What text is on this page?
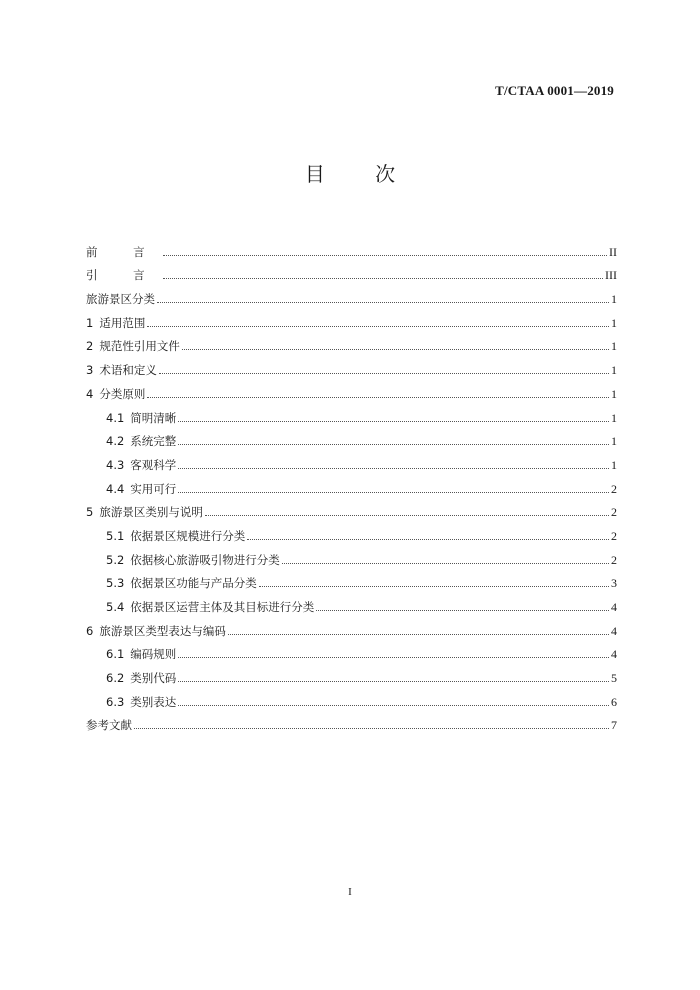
T/CTAA 0001—2019
目	次
前 言	II
引 言	III
旅游景区分类	1
1 适用范围	1
2 规范性引用文件	1
3 术语和定义	1
4 分类原则	1
4.1 简明清晰	1
4.2 系统完整	1
4.3 客观科学	1
4.4 实用可行	2
5 旅游景区类别与说明	2
5.1 依据景区规模进行分类	2
5.2 依据核心旅游吸引物进行分类	2
5.3 依据景区功能与产品分类	3
5.4 依据景区运营主体及其目标进行分类	4
6 旅游景区类型表达与编码	4
6.1 编码规则	4
6.2 类别代码	5
6.3 类别表达	6
参考文献	7
I
